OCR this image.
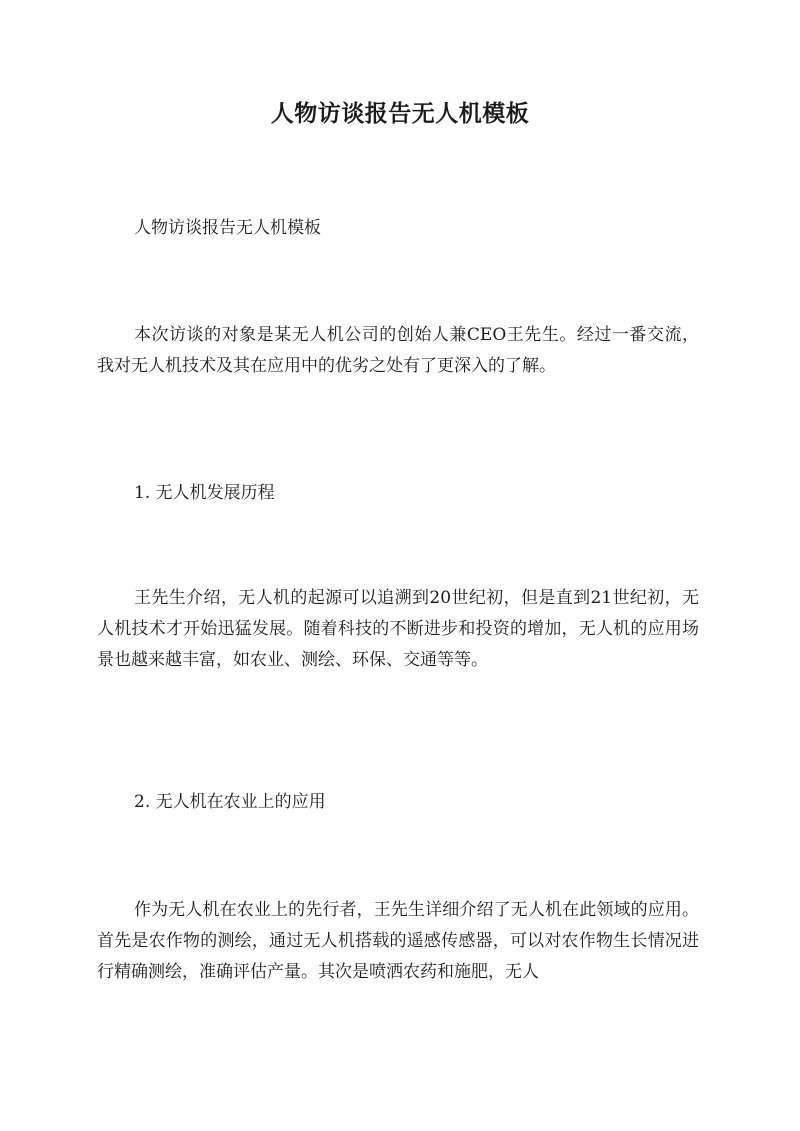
人物访谈报告无人机模板

人物访谈报告无人机模板

本次访谈的对象是某无人机公司的创始人兼CEO王先生。经过一番交流，我对无人机技术及其在应用中的优劣之处有了更深入的了解。

1. 无人机发展历程

王先生介绍，无人机的起源可以追溯到20世纪初，但是直到21世纪初，无人机技术才开始迅猛发展。随着科技的不断进步和投资的增加，无人机的应用场景也越来越丰富，如农业、测绘、环保、交通等等。

2. 无人机在农业上的应用

作为无人机在农业上的先行者，王先生详细介绍了无人机在此领域的应用。首先是农作物的测绘，通过无人机搭载的遥感传感器，可以对农作物生长情况进行精确测绘，准确评估产量。其次是喷洒农药和施肥，无人
